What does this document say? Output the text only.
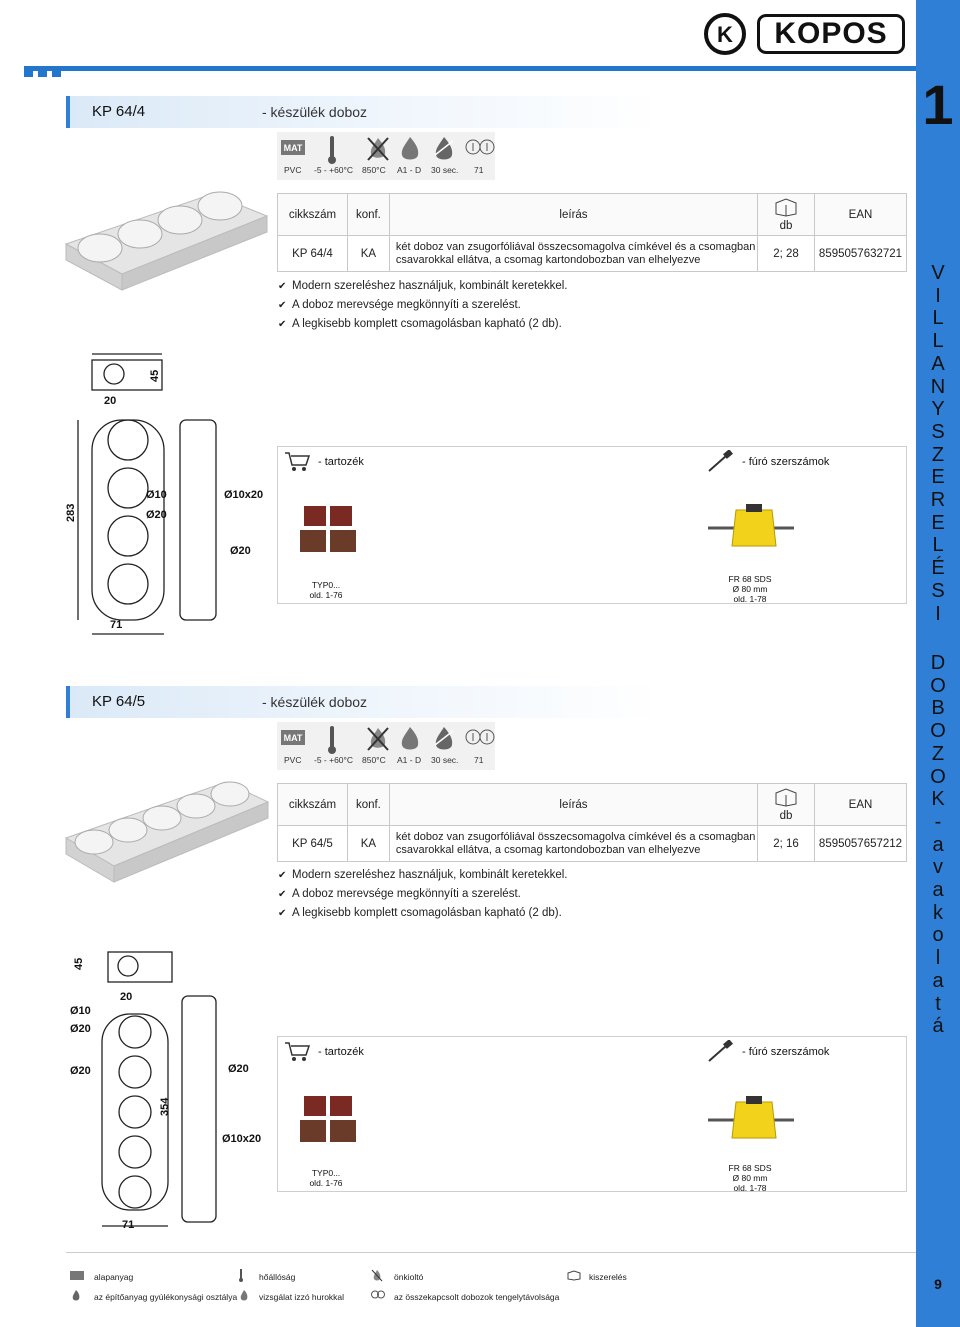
K	KOPOS
1
V
I
L
L
A
N
Y
S
Z
E
R
E
L
É
S
I
D
O
B
O
Z
O
K
-
a
v
a
k
o
l
a
t
á
9
KP 64/4	- készülék doboz
MAT
PVC -5 - +60°C 850°C A1 - D 30 sec. 71
20
45
283
71
Ø10
Ø20
Ø10x20
Ø20
cikkszám	konf.	leírás	db	EAN
KP 64/4	KA	két doboz van zsugorfóliával összecsomagolva címkével és a csomagban csavarokkal ellátva, a csomag kartondobozban van elhelyezve	2; 28	8595057632721
✔ Modern szereléshez használjuk, kombinált keretekkel.
✔ A doboz merevsége megkönnyíti a szerelést.
✔ A legkisebb komplett csomagolásban kapható (2 db).
- tartozék
TYP0...
old. 1-76
- fúró szerszámok
FR 68 SDS
Ø 80 mm
old. 1-78
KP 64/5	- készülék doboz
MAT
PVC -5 - +60°C 850°C A1 - D 30 sec. 71
20
45
354
71
Ø10
Ø20
Ø20	Ø20
Ø10x20
cikkszám	konf.	leírás	db	EAN
KP 64/5	KA	két doboz van zsugorfóliával összecsomagolva címkével és a csomagban csavarokkal ellátva, a csomag kartondobozban van elhelyezve	2; 16	8595057657212
✔ Modern szereléshez használjuk, kombinált keretekkel.
✔ A doboz merevsége megkönnyíti a szerelést.
✔ A legkisebb komplett csomagolásban kapható (2 db).
- tartozék
TYP0...
old. 1-76
- fúró szerszámok
FR 68 SDS
Ø 80 mm
old. 1-78
alapanyag	hőállóság	önkioltó	kiszerelés
az építőanyag gyúlékonysági osztálya	vizsgálat izzó hurokkal	az összekapcsolt dobozok tengelytávolsága
